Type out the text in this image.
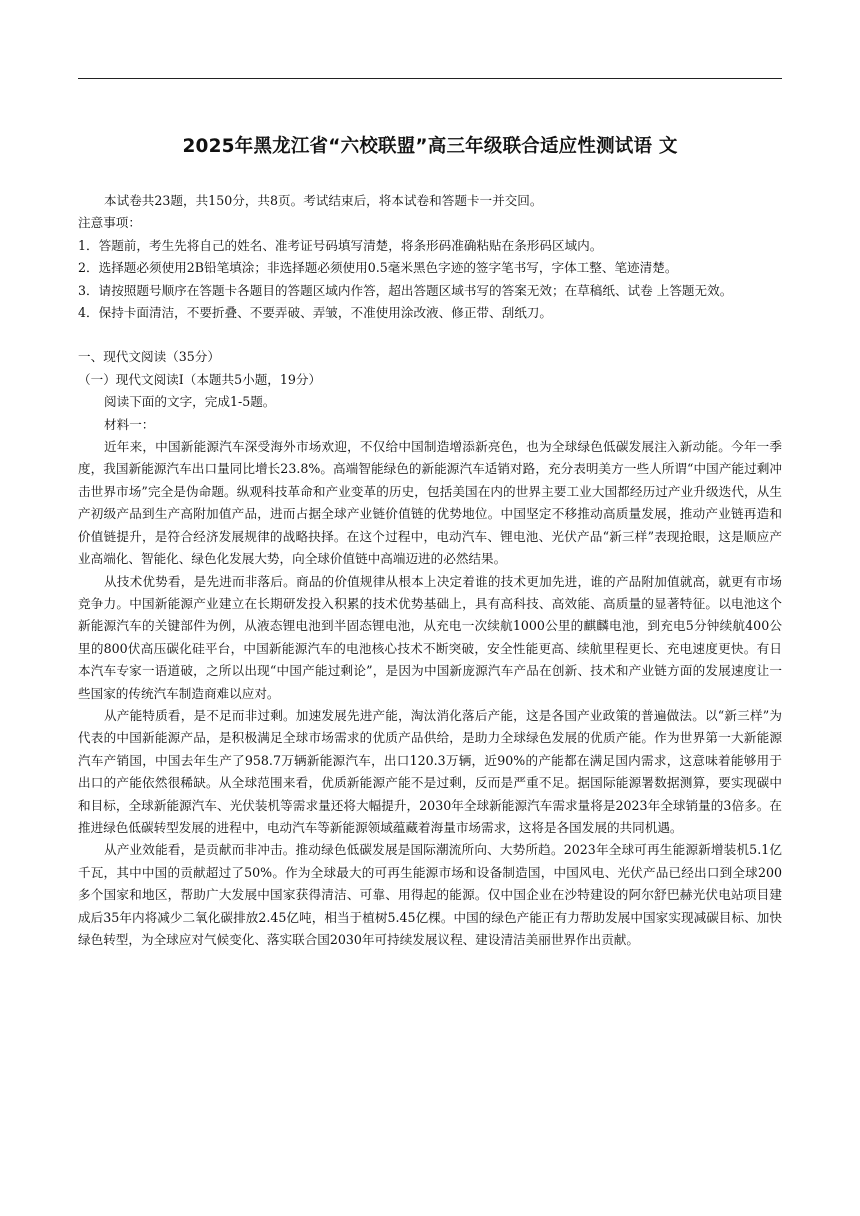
2025年黑龙江省“六校联盟”高三年级联合适应性测试语 文

本试卷共23题，共150分，共8页。考试结束后，将本试卷和答题卡一并交回。

注意事项：

1．答题前，考生先将自己的姓名、准考证号码填写清楚，将条形码准确粘贴在条形码区域内。

2．选择题必须使用2B铅笔填涂；非选择题必须使用0.5毫米黑色字迹的签字笔书写，字体工整、笔迹清楚。

3．请按照题号顺序在答题卡各题目的答题区域内作答，超出答题区域书写的答案无效；在草稿纸、试卷 上答题无效。

4．保持卡面清洁，不要折叠、不要弄破、弄皱，不准使用涂改液、修正带、刮纸刀。

一、现代文阅读（35分）

（一）现代文阅读Ⅰ（本题共5小题，19分）

阅读下面的文字，完成1-5题。

材料一：

近年来，中国新能源汽车深受海外市场欢迎，不仅给中国制造增添新亮色，也为全球绿色低碳发展注入新动能。今年一季度，我国新能源汽车出口量同比增长23.8%。高端智能绿色的新能源汽车适销对路，充分表明美方一些人所谓“中国产能过剩冲击世界市场”完全是伪命题。纵观科技革命和产业变革的历史，包括美国在内的世界主要工业大国都经历过产业升级迭代，从生产初级产品到生产高附加值产品，进而占据全球产业链价值链的优势地位。中国坚定不移推动高质量发展，推动产业链再造和价值链提升，是符合经济发展规律的战略抉择。在这个过程中，电动汽车、锂电池、光伏产品“新三样”表现抢眼，这是顺应产业高端化、智能化、绿色化发展大势，向全球价值链中高端迈进的必然结果。

从技术优势看，是先进而非落后。商品的价值规律从根本上决定着谁的技术更加先进，谁的产品附加值就高，就更有市场竞争力。中国新能源产业建立在长期研发投入积累的技术优势基础上，具有高科技、高效能、高质量的显著特征。以电池这个新能源汽车的关键部件为例，从液态锂电池到半固态锂电池，从充电一次续航1000公里的麒麟电池，到充电5分钟续航400公里的800伏高压碳化硅平台，中国新能源汽车的电池核心技术不断突破，安全性能更高、续航里程更长、充电速度更快。有日本汽车专家一语道破，之所以出现“中国产能过剩论”，是因为中国新庞源汽车产品在创新、技术和产业链方面的发展速度让一些国家的传统汽车制造商难以应对。

从产能特质看，是不足而非过剩。加速发展先进产能，淘汰消化落后产能，这是各国产业政策的普遍做法。以“新三样”为代表的中国新能源产品，是积极满足全球市场需求的优质产品供给，是助力全球绿色发展的优质产能。作为世界第一大新能源汽车产销国，中国去年生产了958.7万辆新能源汽车，出口120.3万辆，近90%的产能都在满足国内需求，这意味着能够用于出口的产能依然很稀缺。从全球范围来看，优质新能源产能不是过剩，反而是严重不足。据国际能源署数据测算，要实现碳中和目标，全球新能源汽车、光伏装机等需求量还将大幅提升，2030年全球新能源汽车需求量将是2023年全球销量的3倍多。在推进绿色低碳转型发展的进程中，电动汽车等新能源领域蕴藏着海量市场需求，这将是各国发展的共同机遇。

从产业效能看，是贡献而非冲击。推动绿色低碳发展是国际潮流所向、大势所趋。2023年全球可再生能源新增装机5.1亿千瓦，其中中国的贡献超过了50%。作为全球最大的可再生能源市场和设备制造国，中国风电、光伏产品已经出口到全球200多个国家和地区，帮助广大发展中国家获得清洁、可靠、用得起的能源。仅中国企业在沙特建设的阿尔舒巴赫光伏电站项目建成后35年内将减少二氧化碳排放2.45亿吨，相当于植树5.45亿棵。中国的绿色产能正有力帮助发展中国家实现减碳目标、加快绿色转型，为全球应对气候变化、落实联合国2030年可持续发展议程、建设清洁美丽世界作出贡献。
